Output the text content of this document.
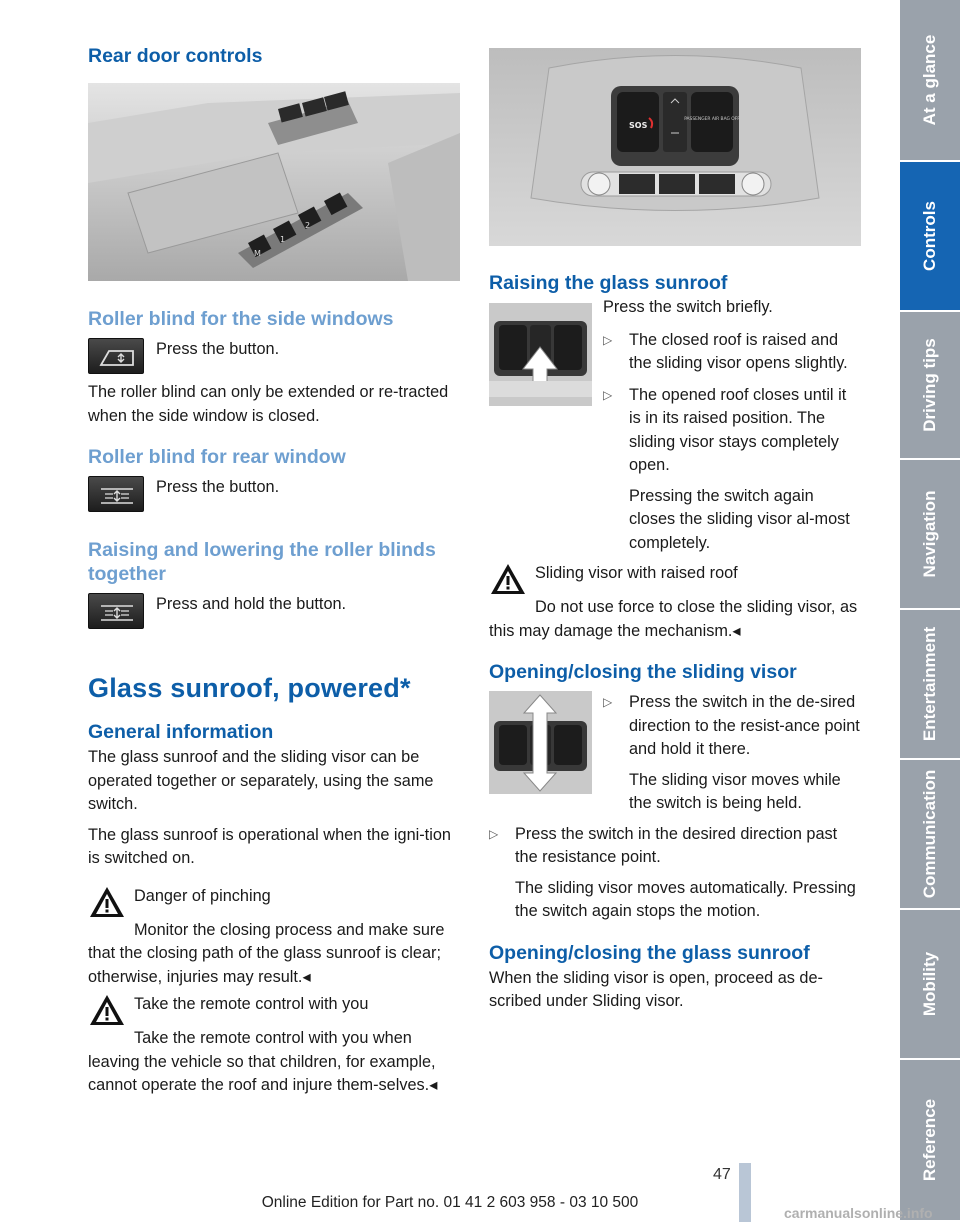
Rear door controls
M
1
2
Roller blind for the side windows

Press the button.

The roller blind can only be extended or re-tracted when the side window is closed.

Roller blind for rear window

Press the button.

Raising and lowering the roller blinds together

Press and hold the button.

Glass sunroof, powered*
General information

The glass sunroof and the sliding visor can be operated together or separately, using the same switch.

The glass sunroof is operational when the igni-tion is switched on.

Danger of pinching

Monitor the closing process and make sure that the closing path of the glass sunroof is clear; otherwise, injuries may result.◂

Take the remote control with you

Take the remote control with you when leaving the vehicle so that children, for example, cannot operate the roof and injure them-selves.◂

SOS
PASSENGER AIR BAG OFF
Raising the glass sunroof

Press the switch briefly.

▷ The closed roof is raised and the sliding visor opens slightly.

▷ The opened roof closes until it is in its raised position. The sliding visor stays completely open.

Pressing the switch again closes the sliding visor al-most completely.

Sliding visor with raised roof

Do not use force to close the sliding visor, as this may damage the mechanism.◂

Opening/closing the sliding visor
▷ Press the switch in the de-sired direction to the resist-ance point and hold it there.

The sliding visor moves while the switch is being held.

▷ Press the switch in the desired direction past the resistance point.

The sliding visor moves automatically. Pressing the switch again stops the motion.

Opening/closing the glass sunroof

When the sliding visor is open, proceed as de-scribed under Sliding visor.

At a glance
Controls
Driving tips
Navigation
Entertainment
Communication
Mobility
Reference
47
Online Edition for Part no. 01 41 2 603 958 - 03 10 500
carmanualsonline.info
